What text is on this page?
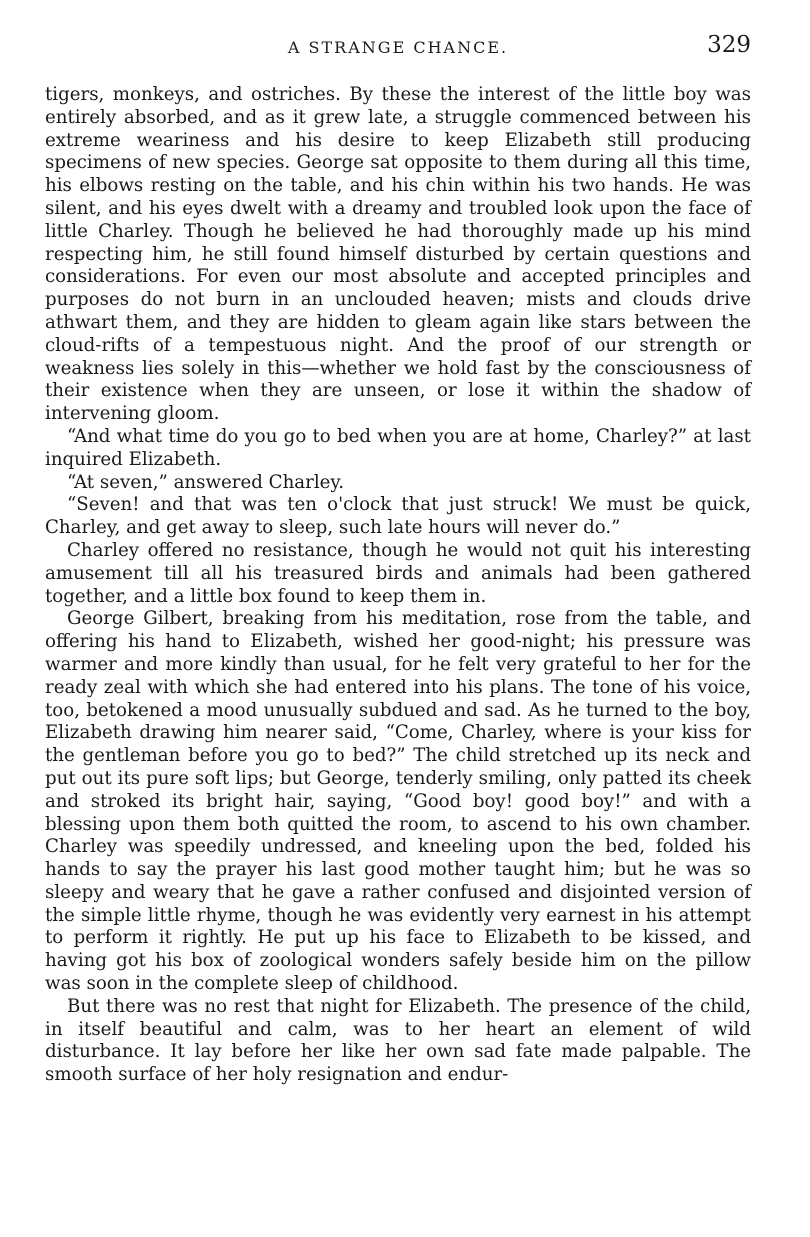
A STRANGE CHANCE.	329

tigers, monkeys, and ostriches. By these the interest of the little boy was entirely absorbed, and as it grew late, a struggle commenced between his extreme weariness and his desire to keep Elizabeth still producing specimens of new species. George sat opposite to them during all this time, his elbows resting on the table, and his chin within his two hands. He was silent, and his eyes dwelt with a dreamy and troubled look upon the face of little Charley. Though he believed he had thoroughly made up his mind respecting him, he still found himself disturbed by certain questions and considerations. For even our most absolute and accepted principles and purposes do not burn in an unclouded heaven; mists and clouds drive athwart them, and they are hidden to gleam again like stars between the cloud-rifts of a tempestuous night. And the proof of our strength or weakness lies solely in this—whether we hold fast by the consciousness of their existence when they are unseen, or lose it within the shadow of intervening gloom.

“And what time do you go to bed when you are at home, Charley?” at last inquired Elizabeth.

“At seven,” answered Charley.

“Seven! and that was ten o'clock that just struck! We must be quick, Charley, and get away to sleep, such late hours will never do.”

Charley offered no resistance, though he would not quit his interesting amusement till all his treasured birds and animals had been gathered together, and a little box found to keep them in.

George Gilbert, breaking from his meditation, rose from the table, and offering his hand to Elizabeth, wished her good-night; his pressure was warmer and more kindly than usual, for he felt very grateful to her for the ready zeal with which she had entered into his plans. The tone of his voice, too, betokened a mood unusually subdued and sad. As he turned to the boy, Elizabeth drawing him nearer said, “Come, Charley, where is your kiss for the gentleman before you go to bed?” The child stretched up its neck and put out its pure soft lips; but George, tenderly smiling, only patted its cheek and stroked its bright hair, saying, “Good boy! good boy!” and with a blessing upon them both quitted the room, to ascend to his own chamber. Charley was speedily undressed, and kneeling upon the bed, folded his hands to say the prayer his last good mother taught him; but he was so sleepy and weary that he gave a rather confused and disjointed version of the simple little rhyme, though he was evidently very earnest in his attempt to perform it rightly. He put up his face to Elizabeth to be kissed, and having got his box of zoological wonders safely beside him on the pillow was soon in the complete sleep of childhood.

But there was no rest that night for Elizabeth. The presence of the child, in itself beautiful and calm, was to her heart an element of wild disturbance. It lay before her like her own sad fate made palpable. The smooth surface of her holy resignation and endur-
